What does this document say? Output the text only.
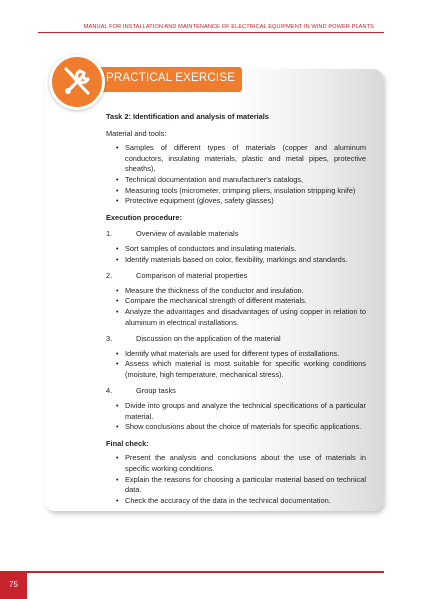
MANUAL FOR INSTALLATION AND MAINTENANCE OF ELECTRICAL EQUIPMENT IN WIND POWER PLANTS
PRACTICAL EXERCISE

Task 2: Identification and analysis of materials

Material and tools:

• Samples of different types of materials (copper and aluminum conductors, insulating materials, plastic and metal pipes, protective sheaths),
• Technical documentation and manufacturer's catalogs,
• Measuring tools (micrometer, crimping pliers, insulation stripping knife)
• Protective equipment (gloves, safety glasses)

Execution procedure:

1.	Overview of available materials
• Sort samples of conductors and insulating materials.
• Identify materials based on color, flexibility, markings and standards.
2.	Comparison of material properties
• Measure the thickness of the conductor and insulation.
• Compare the mechanical strength of different materials.
• Analyze the advantages and disadvantages of using copper in relation to aluminum in electrical installations.
3.	Discussion on the application of the material
• Identify what materials are used for different types of installations.
• Assess which material is most suitable for specific working conditions (moisture, high temperature, mechanical stress).
4.	Group tasks
• Divide into groups and analyze the technical specifications of a particular material.
• Show conclusions about the choice of materials for specific applications.

Final check:

• Present the analysis and conclusions about the use of materials in specific working conditions.
• Explain the reasons for choosing a particular material based on technical data.
• Check the accuracy of the data in the technical documentation.
75
